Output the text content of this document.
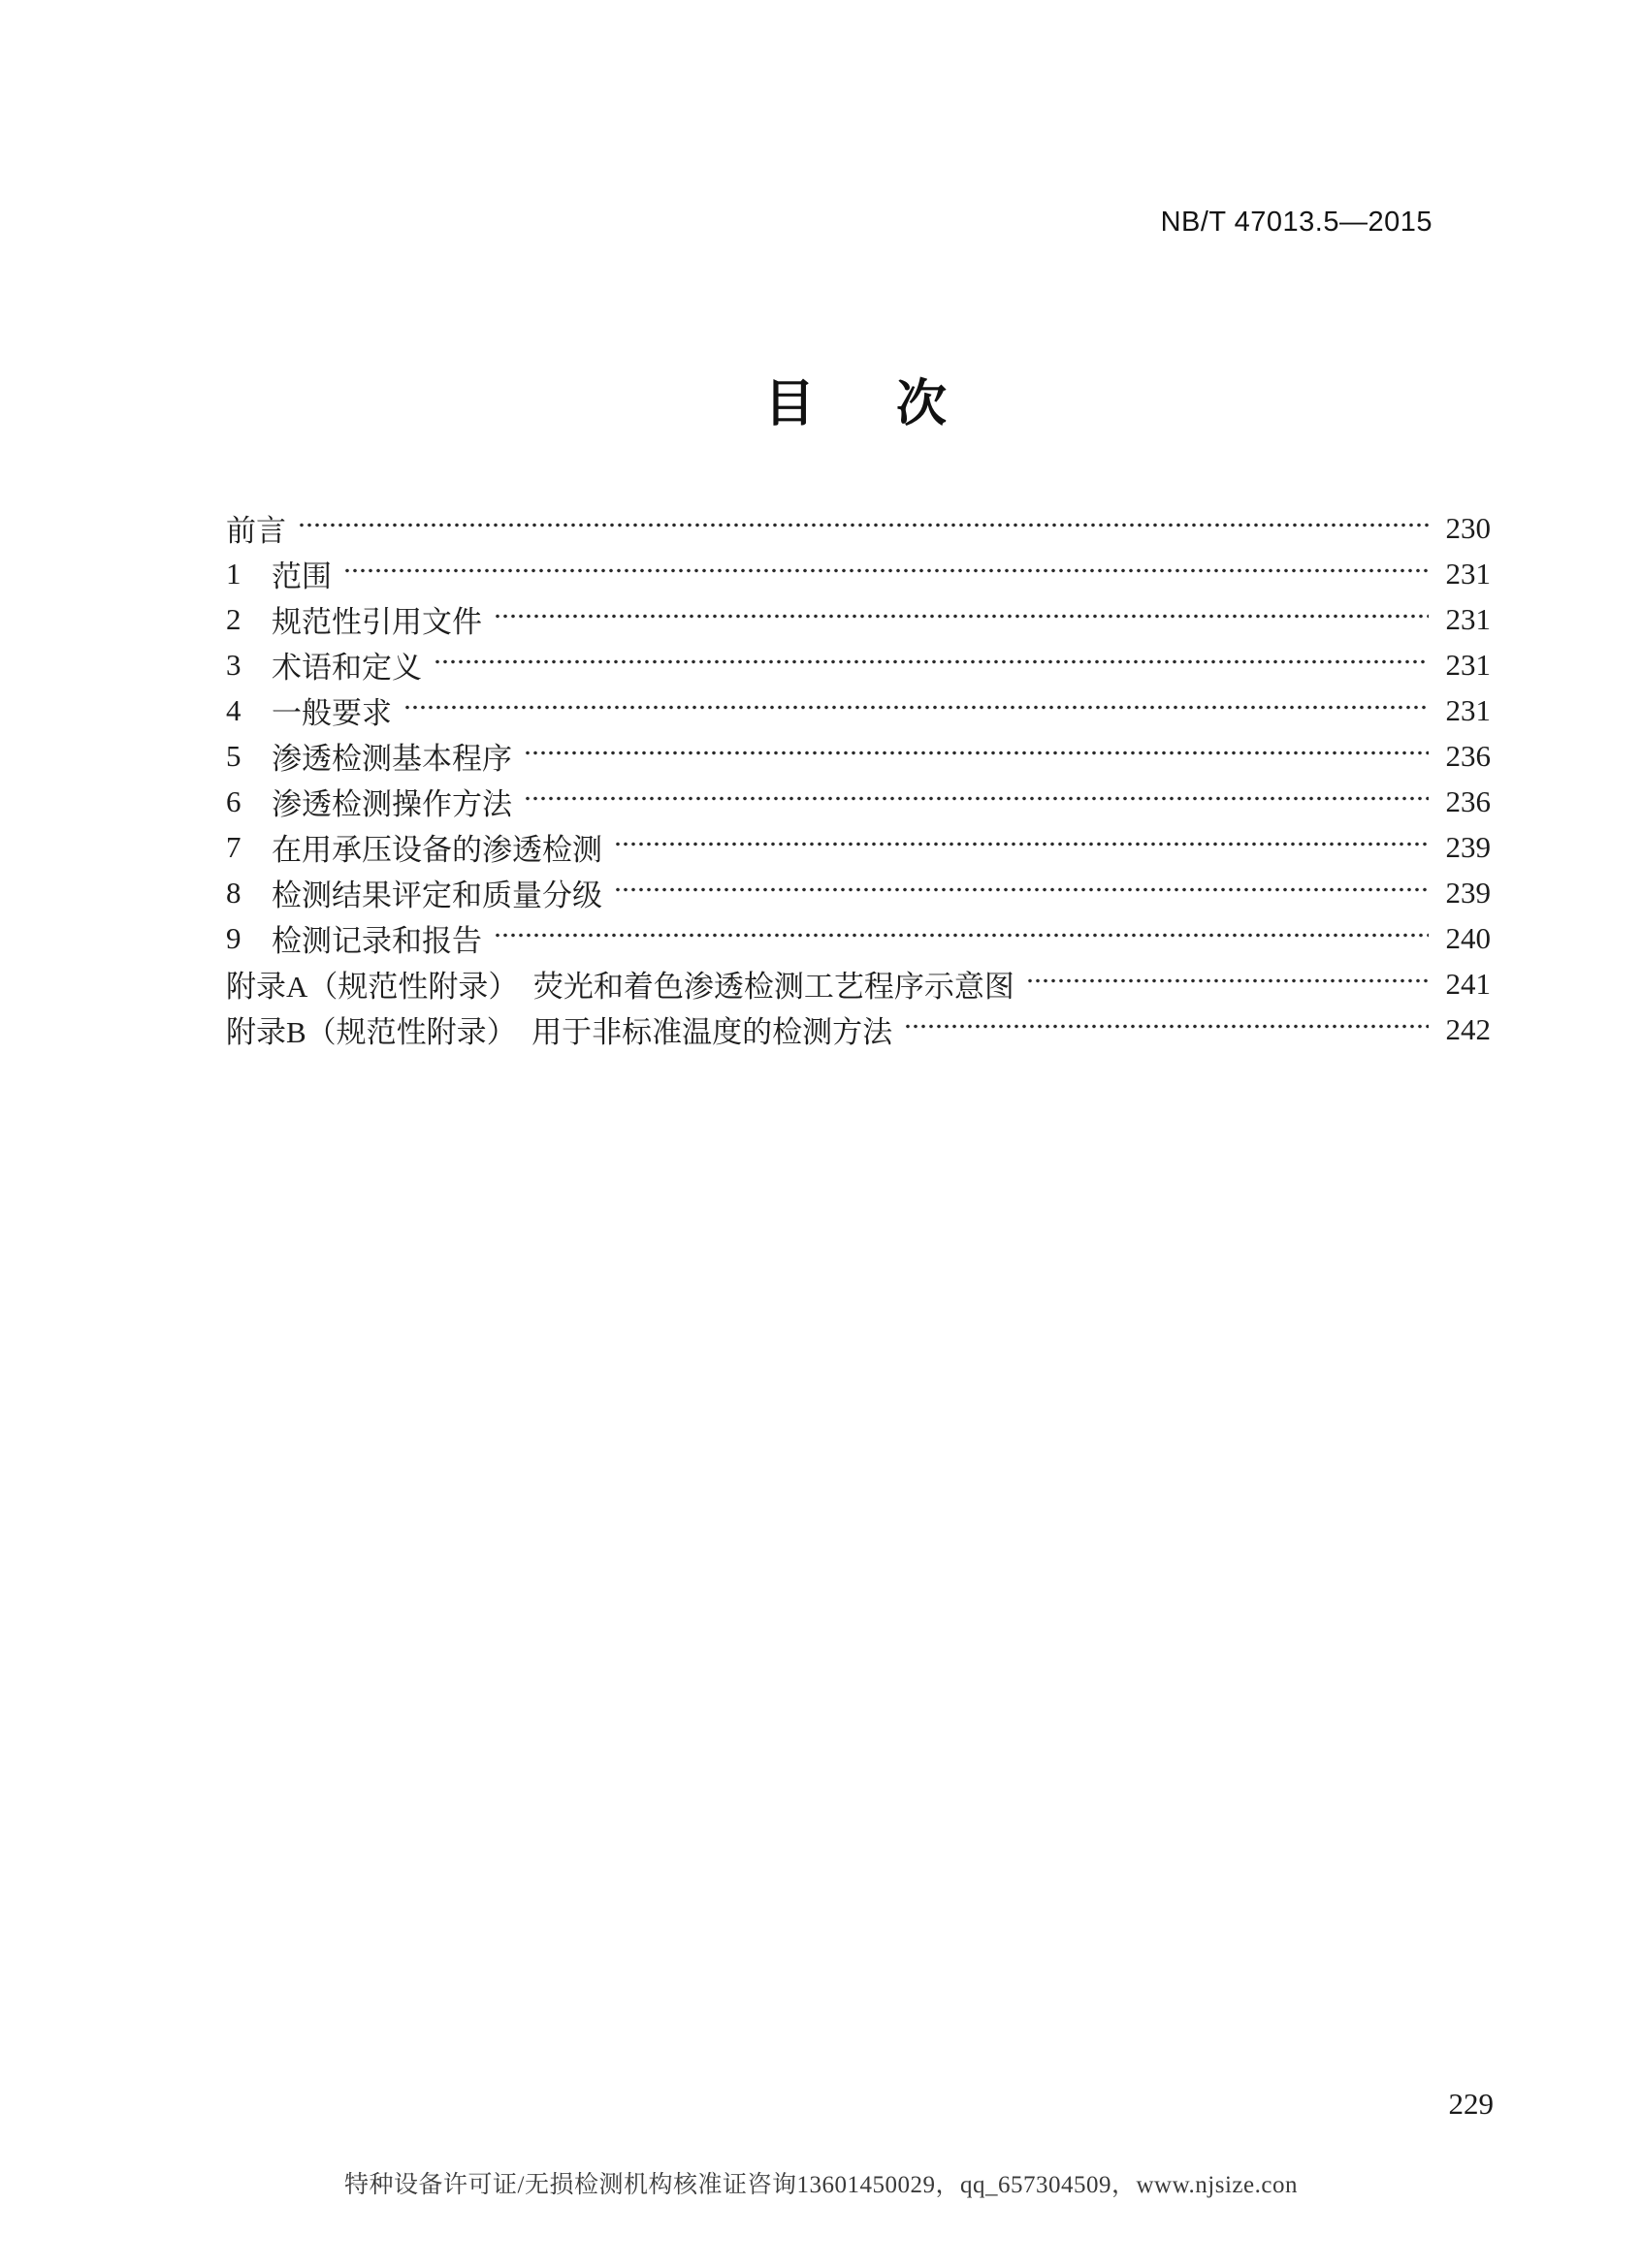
NB/T 47013.5—2015
目　次
前言	230
1	范围	231
2	规范性引用文件	231
3	术语和定义	231
4	一般要求	231
5	渗透检测基本程序	236
6	渗透检测操作方法	236
7	在用承压设备的渗透检测	239
8	检测结果评定和质量分级	239
9	检测记录和报告	240
附录A（规范性附录）　荧光和着色渗透检测工艺程序示意图	241
附录B（规范性附录）　用于非标准温度的检测方法	242
229
特种设备许可证/无损检测机构核准证咨询13601450029，qq_657304509，www.njsize.con
